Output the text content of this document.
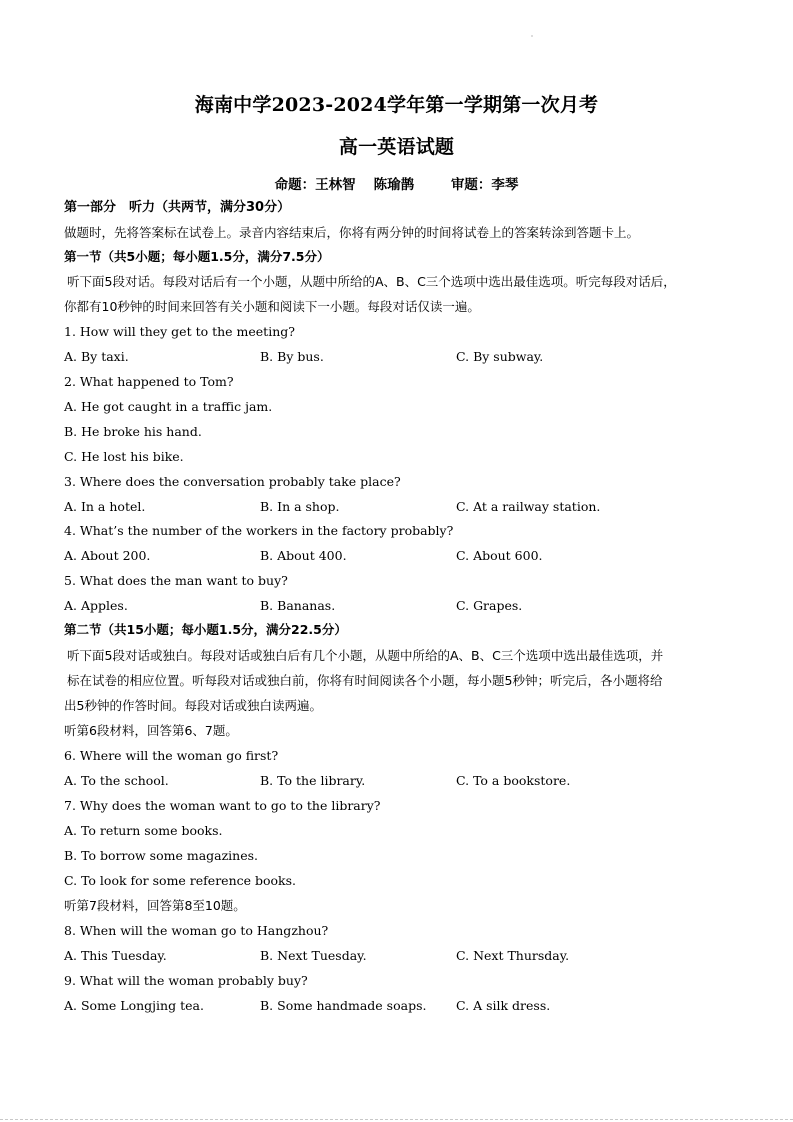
海南中学2023-2024学年第一学期第一次月考
高一英语试题
命题：王林智 陈瑜鹊	审题：李琴
第一部分　听力（共两节，满分30分）
做题时，先将答案标在试卷上。录音内容结束后，你将有两分钟的时间将试卷上的答案转涂到答题卡上。
第一节（共5小题；每小题1.5分，满分7.5分）
听下面5段对话。每段对话后有一个小题，从题中所给的A、B、C三个选项中选出最佳选项。听完每段对话后，
你都有10秒钟的时间来回答有关小题和阅读下一小题。每段对话仅读一遍。
1. How will they get to the meeting?
A. By taxi.	B. By bus.	C. By subway.
2. What happened to Tom?
A. He got caught in a traffic jam.
B. He broke his hand.
C. He lost his bike.
3. Where does the conversation probably take place?
A. In a hotel.	B. In a shop.	C. At a railway station.
4. What’s the number of the workers in the factory probably?
A. About 200.	B. About 400.	C. About 600.
5. What does the man want to buy?
A. Apples.	B. Bananas.	C. Grapes.
第二节（共15小题；每小题1.5分，满分22.5分）
听下面5段对话或独白。每段对话或独白后有几个小题，从题中所给的A、B、C三个选项中选出最佳选项，并
标在试卷的相应位置。听每段对话或独白前，你将有时间阅读各个小题，每小题5秒钟；听完后，各小题将给
出5秒钟的作答时间。每段对话或独白读两遍。
听第6段材料，回答第6、7题。
6. Where will the woman go first?
A. To the school.	B. To the library.	C. To a bookstore.
7. Why does the woman want to go to the library?
A. To return some books.
B. To borrow some magazines.
C. To look for some reference books.
听第7段材料，回答第8至10题。
8. When will the woman go to Hangzhou?
A. This Tuesday.	B. Next Tuesday.	C. Next Thursday.
9. What will the woman probably buy?
A. Some Longjing tea.	B. Some handmade soaps. C. A silk dress.
